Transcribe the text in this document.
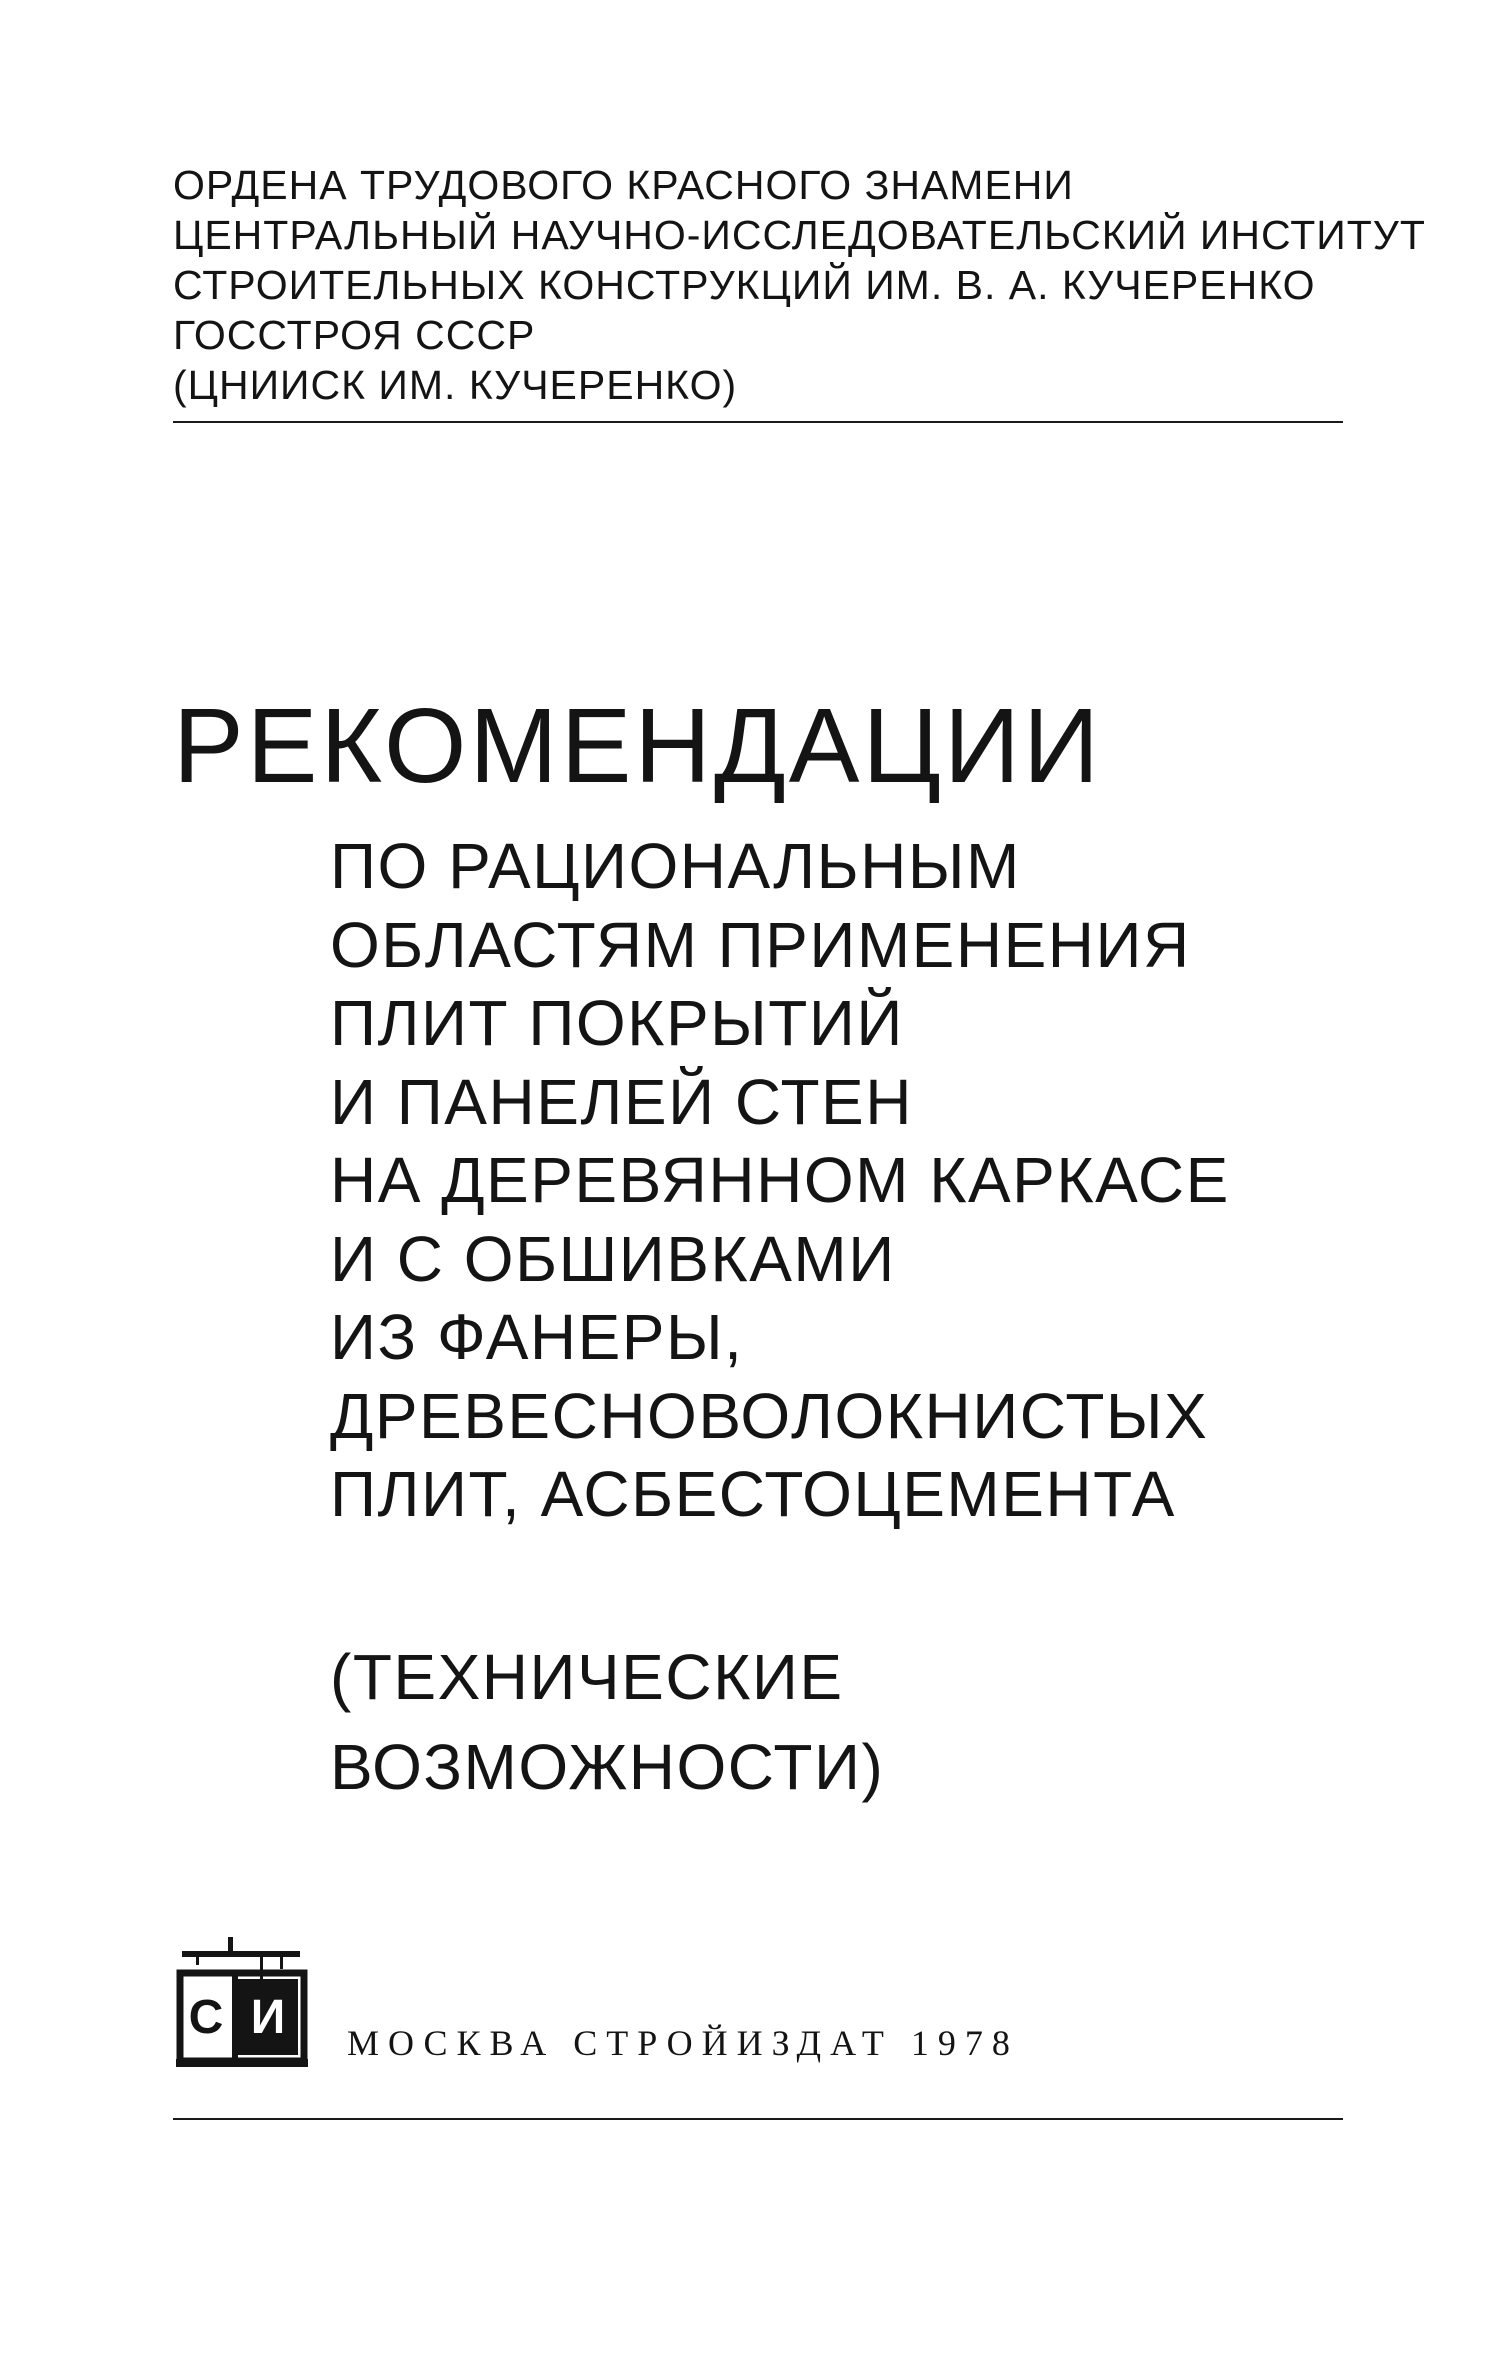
ОРДЕНА ТРУДОВОГО КРАСНОГО ЗНАМЕНИ
ЦЕНТРАЛЬНЫЙ НАУЧНО-ИССЛЕДОВАТЕЛЬСКИЙ ИНСТИТУТ
СТРОИТЕЛЬНЫХ КОНСТРУКЦИЙ ИМ. В. А. КУЧЕРЕНКО
ГОССТРОЯ СССР
(ЦНИИСК ИМ. КУЧЕРЕНКО)
РЕКОМЕНДАЦИИ
ПО РАЦИОНАЛЬНЫМ
ОБЛАСТЯМ ПРИМЕНЕНИЯ
ПЛИТ ПОКРЫТИЙ
И ПАНЕЛЕЙ СТЕН
НА ДЕРЕВЯННОМ КАРКАСЕ
И С ОБШИВКАМИ
ИЗ ФАНЕРЫ,
ДРЕВЕСНОВОЛОКНИСТЫХ
ПЛИТ, АСБЕСТОЦЕМЕНТА
(ТЕХНИЧЕСКИЕ
ВОЗМОЖНОСТИ)
С И МОСКВА СТРОЙИЗДАТ 1978
